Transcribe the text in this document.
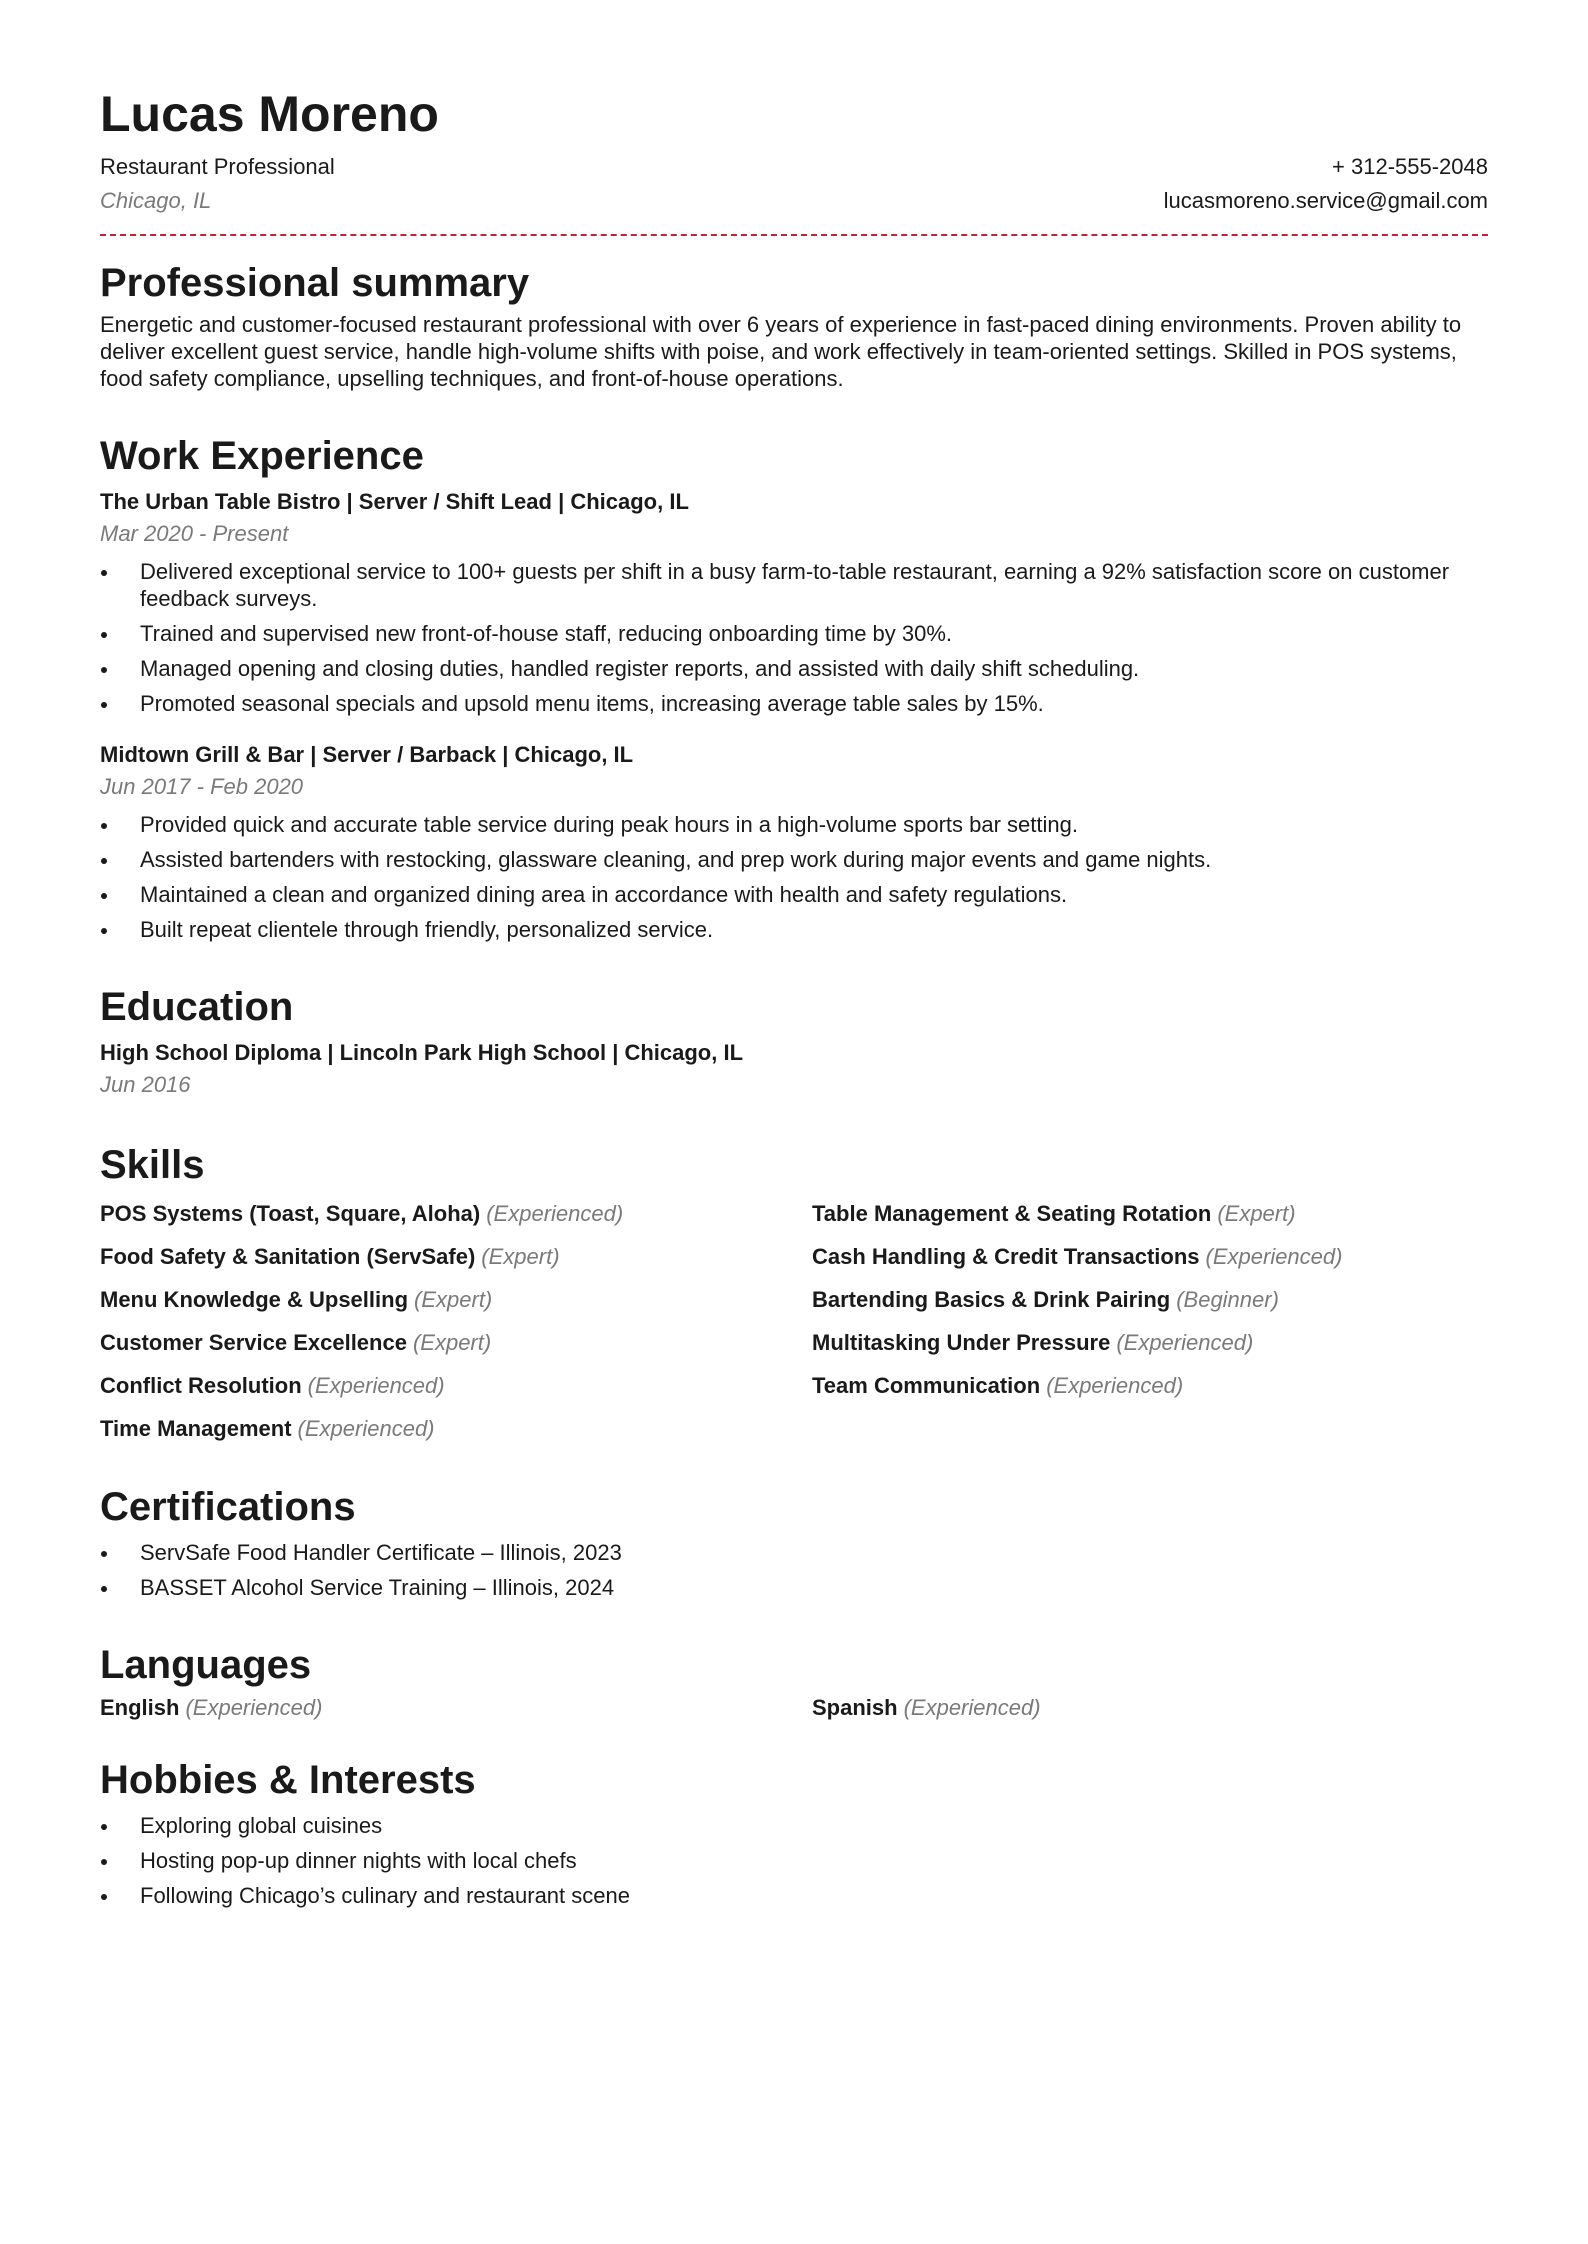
Lucas Moreno
Restaurant Professional	+ 312-555-2048
Chicago, IL	lucasmoreno.service@gmail.com
Professional summary

Energetic and customer-focused restaurant professional with over 6 years of experience in fast-paced dining environments. Proven ability to deliver excellent guest service, handle high-volume shifts with poise, and work effectively in team-oriented settings. Skilled in POS systems, food safety compliance, upselling techniques, and front-of-house operations.

Work Experience
The Urban Table Bistro | Server / Shift Lead | Chicago, IL
Mar 2020 - Present
Delivered exceptional service to 100+ guests per shift in a busy farm-to-table restaurant, earning a 92% satisfaction score on customer feedback surveys.
Trained and supervised new front-of-house staff, reducing onboarding time by 30%.
Managed opening and closing duties, handled register reports, and assisted with daily shift scheduling.
Promoted seasonal specials and upsold menu items, increasing average table sales by 15%.
Midtown Grill & Bar | Server / Barback | Chicago, IL
Jun 2017 - Feb 2020
Provided quick and accurate table service during peak hours in a high-volume sports bar setting.
Assisted bartenders with restocking, glassware cleaning, and prep work during major events and game nights.
Maintained a clean and organized dining area in accordance with health and safety regulations.
Built repeat clientele through friendly, personalized service.
Education
High School Diploma | Lincoln Park High School | Chicago, IL
Jun 2016
Skills
POS Systems (Toast, Square, Aloha) (Experienced)	Table Management & Seating Rotation (Expert)
Food Safety & Sanitation (ServSafe) (Expert)	Cash Handling & Credit Transactions (Experienced)
Menu Knowledge & Upselling (Expert)	Bartending Basics & Drink Pairing (Beginner)
Customer Service Excellence (Expert)	Multitasking Under Pressure (Experienced)
Conflict Resolution (Experienced)	Team Communication (Experienced)
Time Management (Experienced)
Certifications
ServSafe Food Handler Certificate – Illinois, 2023
BASSET Alcohol Service Training – Illinois, 2024
Languages
English (Experienced)	Spanish (Experienced)
Hobbies & Interests
Exploring global cuisines
Hosting pop-up dinner nights with local chefs
Following Chicago’s culinary and restaurant scene
